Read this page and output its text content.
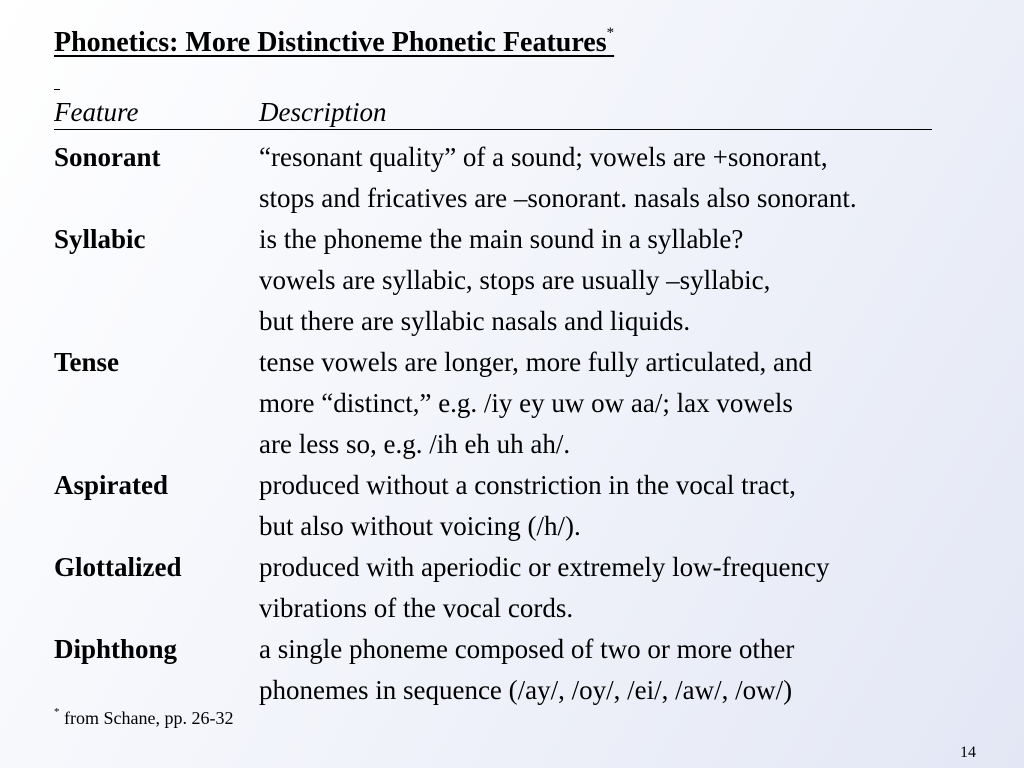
Phonetics: More Distinctive Phonetic Features*
Feature	Description
Sonorant	“resonant quality” of a sound; vowels are +sonorant,
stops and fricatives are –sonorant. nasals also sonorant.
Syllabic	is the phoneme the main sound in a syllable?
vowels are syllabic, stops are usually –syllabic,
but there are syllabic nasals and liquids.
Tense	tense vowels are longer, more fully articulated, and
more “distinct,” e.g. /iy ey uw ow aa/; lax vowels
are less so, e.g. /ih eh uh ah/.
Aspirated	produced without a constriction in the vocal tract,
but also without voicing (/h/).
Glottalized	produced with aperiodic or extremely low-frequency
vibrations of the vocal cords.
Diphthong	a single phoneme composed of two or more other
phonemes in sequence (/ay/, /oy/, /ei/, /aw/, /ow/)
* from Schane, pp. 26-32
14
